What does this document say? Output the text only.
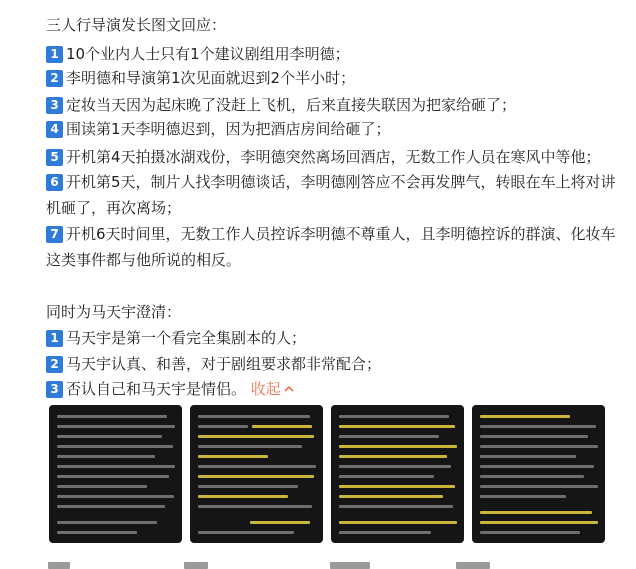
三人行导演发长图文回应：
1 10个业内人士只有1个建议剧组用李明德；
2 李明德和导演第1次见面就迟到2个半小时；
3 定妆当天因为起床晚了没赶上飞机，后来直接失联因为把家给砸了；
4 围读第1天李明德迟到，因为把酒店房间给砸了；
5 开机第4天拍摄冰湖戏份，李明德突然离场回酒店，无数工作人员在寒风中等他；
6 开机第5天，制片人找李明德谈话，李明德刚答应不会再发脾气，转眼在车上将对讲
机砸了，再次离场；
7 开机6天时间里，无数工作人员控诉李明德不尊重人，且李明德控诉的群演、化妆车
这类事件都与他所说的相反。
同时为马天宇澄清：
1 马天宇是第一个看完全集剧本的人；
2 马天宇认真、和善，对于剧组要求都非常配合；
3 否认自己和马天宇是情侣。 收起
